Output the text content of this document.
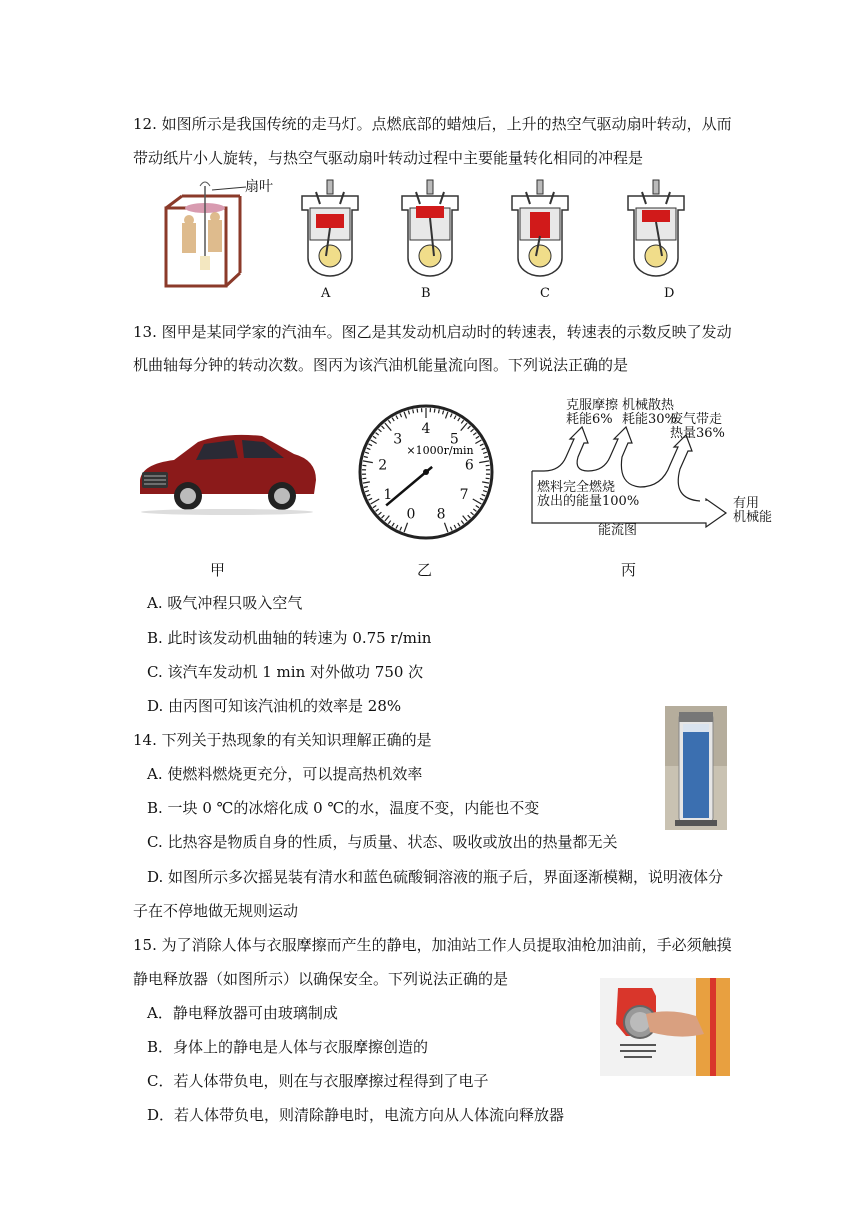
12. 如图所示是我国传统的走马灯。点燃底部的蜡烛后，上升的热空气驱动扇叶转动，从而
带动纸片小人旋转，与热空气驱动扇叶转动过程中主要能量转化相同的冲程是
扇叶
A	B	C	D
13. 图甲是某同学家的汽油车。图乙是其发动机启动时的转速表，转速表的示数反映了发动
机曲轴每分钟的转动次数。图丙为该汽油机能量流向图。下列说法正确的是
0
1
2
3
4
5
6
7
8
×1000r/min
克服摩擦
耗能6%
机械散热
耗能30%
废气带走
热量36%
燃料完全燃烧
放出的能量100%	有用
机械能
能流图
甲	乙	丙
A. 吸气冲程只吸入空气
B. 此时该发动机曲轴的转速为 0.75 r/min
C. 该汽车发动机 1 min 对外做功 750 次
D. 由丙图可知该汽油机的效率是 28%
14. 下列关于热现象的有关知识理解正确的是
A. 使燃料燃烧更充分，可以提高热机效率
B. 一块 0 ℃的冰熔化成 0 ℃的水，温度不变，内能也不变
C. 比热容是物质自身的性质，与质量、状态、吸收或放出的热量都无关
D. 如图所示多次摇晃装有清水和蓝色硫酸铜溶液的瓶子后，界面逐渐模糊，说明液体分
子在不停地做无规则运动
15. 为了消除人体与衣服摩擦而产生的静电，加油站工作人员提取油枪加油前，手必须触摸
静电释放器（如图所示）以确保安全。下列说法正确的是
A．静电释放器可由玻璃制成
B．身体上的静电是人体与衣服摩擦创造的
C．若人体带负电，则在与衣服摩擦过程得到了电子
D．若人体带负电，则清除静电时，电流方向从人体流向释放器
